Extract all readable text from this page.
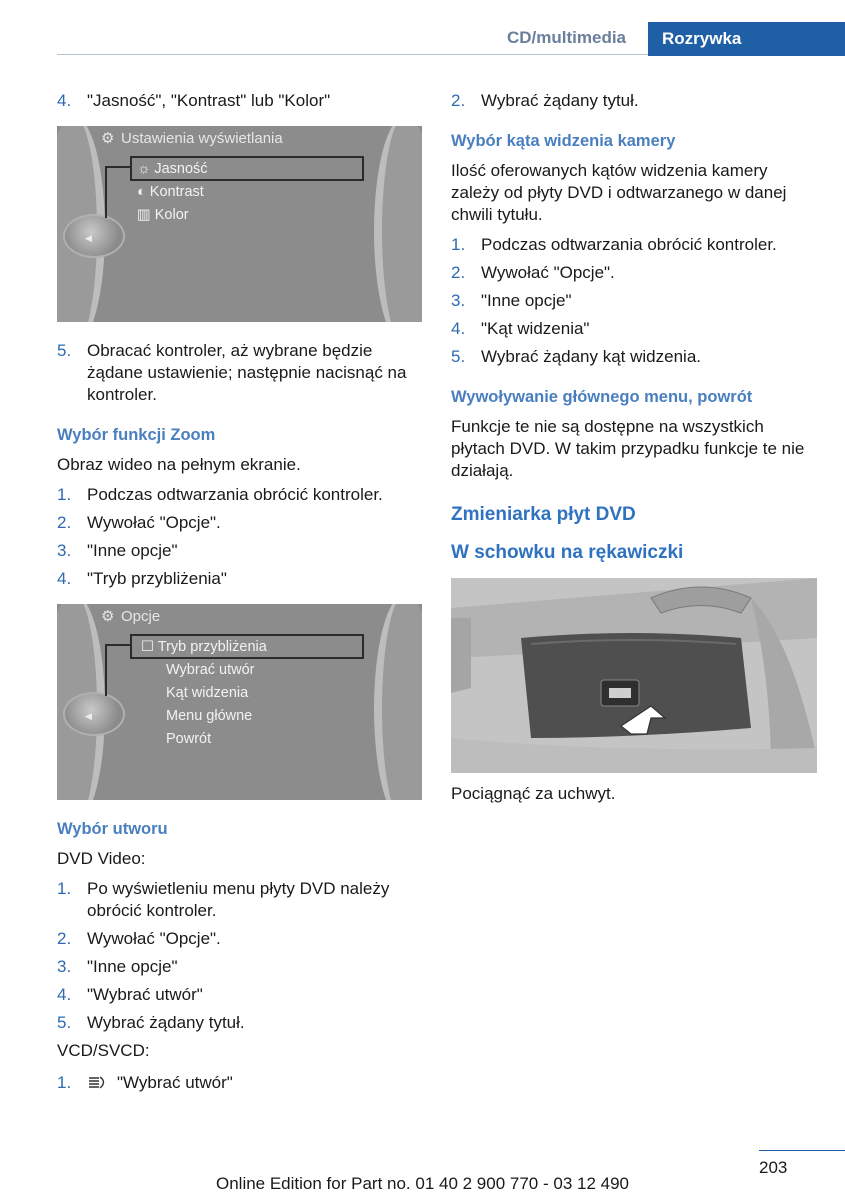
CD/multimedia Rozrywka
4. "Jasność", "Kontrast" lub "Kolor"
◀
⚙ Ustawienia wyświetlania
☼ Jasność
◐ Kontrast
▥ Kolor
5. Obracać kontroler, aż wybrane będzie żądane ustawienie; następnie nacisnąć na kontroler.
Wybór funkcji Zoom
Obraz wideo na pełnym ekranie.
1. Podczas odtwarzania obrócić kontroler.
2. Wywołać "Opcje".
3. "Inne opcje"
4. "Tryb przybliżenia"
◀
⚙ Opcje
☐ Tryb przybliżenia
Wybrać utwór
Kąt widzenia
Menu główne
Powrót
Wybór utworu
DVD Video:
1. Po wyświetleniu menu płyty DVD należy obrócić kontroler.
2. Wywołać "Opcje".
3. "Inne opcje"
4. "Wybrać utwór"
5. Wybrać żądany tytuł.
VCD/SVCD:
1.	"Wybrać utwór"
2. Wybrać żądany tytuł.
Wybór kąta widzenia kamery
Ilość oferowanych kątów widzenia kamery zależy od płyty DVD i odtwarzanego w danej chwili tytułu.
1. Podczas odtwarzania obrócić kontroler.
2. Wywołać "Opcje".
3. "Inne opcje"
4. "Kąt widzenia"
5. Wybrać żądany kąt widzenia.
Wywoływanie głównego menu, powrót
Funkcje te nie są dostępne na wszystkich płytach DVD. W takim przypadku funkcje te nie działają.
Zmieniarka płyt DVD
W schowku na rękawiczki
Pociągnąć za uchwyt.
203
Online Edition for Part no. 01 40 2 900 770 - 03 12 490
